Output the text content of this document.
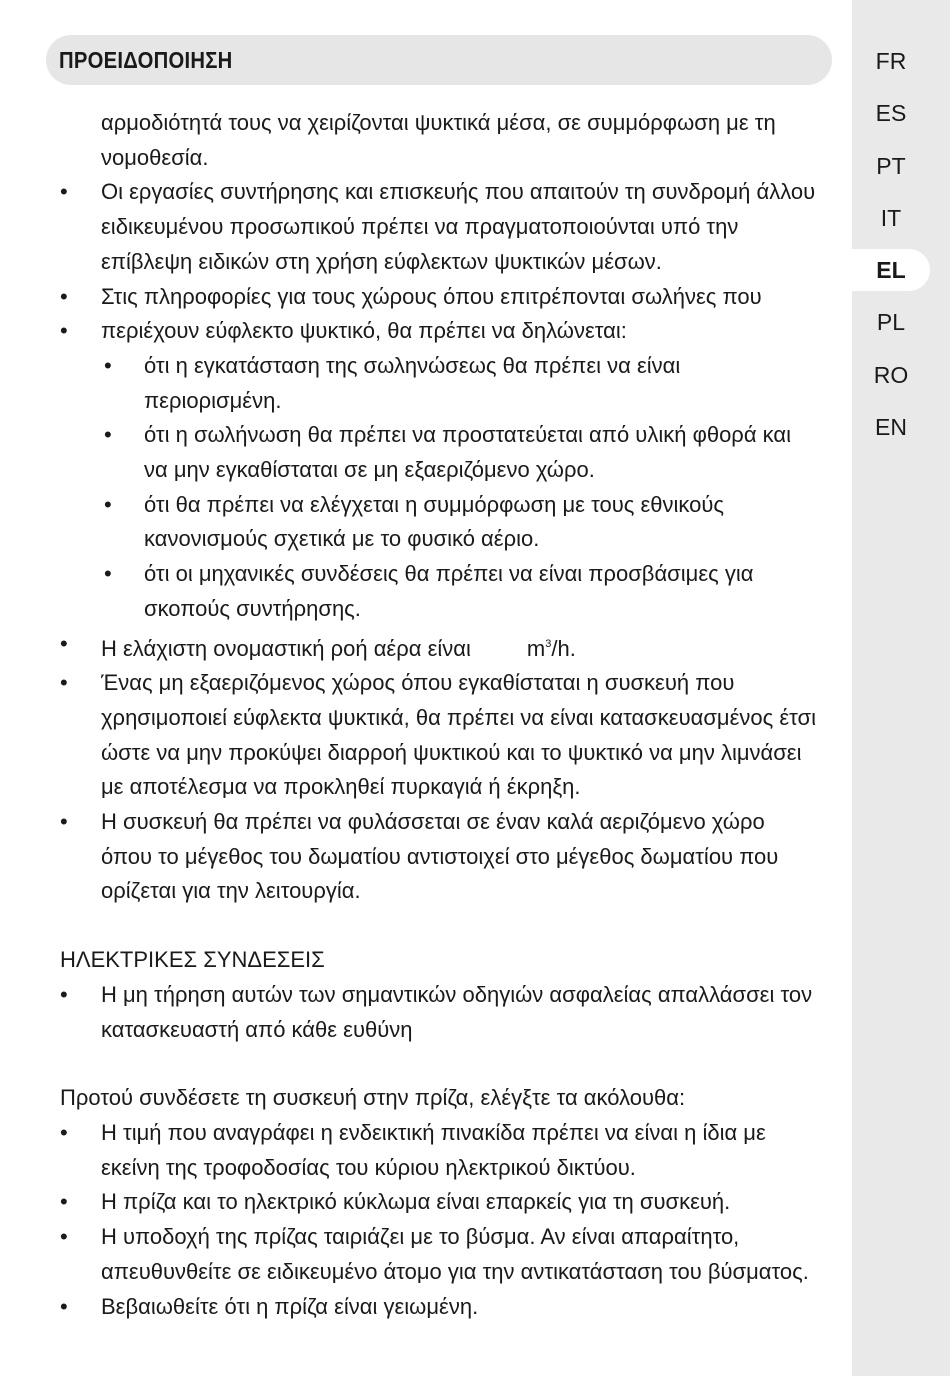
FR
ES
PT
IT
EL
PL
RO
EN
ΠΡΟΕΙΔΟΠΟΙΗΣΗ

αρμοδιότητά τους να χειρίζονται ψυκτικά μέσα, σε συμμόρφωση με τη νομοθεσία.

• Οι εργασίες συντήρησης και επισκευής που απαιτούν τη συνδρομή άλλου ειδικευμένου προσωπικού πρέπει να πραγματοποιούνται υπό την επίβλεψη ειδικών στη χρήση εύφλεκτων ψυκτικών μέσων.
• Στις πληροφορίες για τους χώρους όπου επιτρέπονται σωλήνες που
• περιέχουν εύφλεκτο ψυκτικό, θα πρέπει να δηλώνεται:
• ότι η εγκατάσταση της σωληνώσεως θα πρέπει να είναι περιορισμένη.
• ότι η σωλήνωση θα πρέπει να προστατεύεται από υλική φθορά και να μην εγκαθίσταται σε μη εξαεριζόμενο χώρο.
• ότι θα πρέπει να ελέγχεται η συμμόρφωση με τους εθνικούς κανονισμούς σχετικά με το φυσικό αέριο.
• ότι οι μηχανικές συνδέσεις θα πρέπει να είναι προσβάσιμες για σκοπούς συντήρησης.
• Η ελάχιστη ονομαστική ροή αέρα είναι	$m^3/h$.
• Ένας μη εξαεριζόμενος χώρος όπου εγκαθίσταται η συσκευή που χρησιμοποιεί εύφλεκτα ψυκτικά, θα πρέπει να είναι κατασκευασμένος έτσι ώστε να μην προκύψει διαρροή ψυκτικού και το ψυκτικό να μην λιμνάσει με αποτέλεσμα να προκληθεί πυρκαγιά ή έκρηξη.
• Η συσκευή θα πρέπει να φυλάσσεται σε έναν καλά αεριζόμενο χώρο όπου το μέγεθος του δωματίου αντιστοιχεί στο μέγεθος δωματίου που ορίζεται για την λειτουργία.

ΗΛΕΚΤΡΙΚΕΣ ΣΥΝΔΕΣΕΙΣ

• Η μη τήρηση αυτών των σημαντικών οδηγιών ασφαλείας απαλλάσσει τον κατασκευαστή από κάθε ευθύνη

Προτού συνδέσετε τη συσκευή στην πρίζα, ελέγξτε τα ακόλουθα:

• Η τιμή που αναγράφει η ενδεικτική πινακίδα πρέπει να είναι η ίδια με εκείνη της τροφοδοσίας του κύριου ηλεκτρικού δικτύου.
• Η πρίζα και το ηλεκτρικό κύκλωμα είναι επαρκείς για τη συσκευή.
• Η υποδοχή της πρίζας ταιριάζει με το βύσμα. Αν είναι απαραίτητο, απευθυνθείτε σε ειδικευμένο άτομο για την αντικατάσταση του βύσματος.
• Βεβαιωθείτε ότι η πρίζα είναι γειωμένη.
